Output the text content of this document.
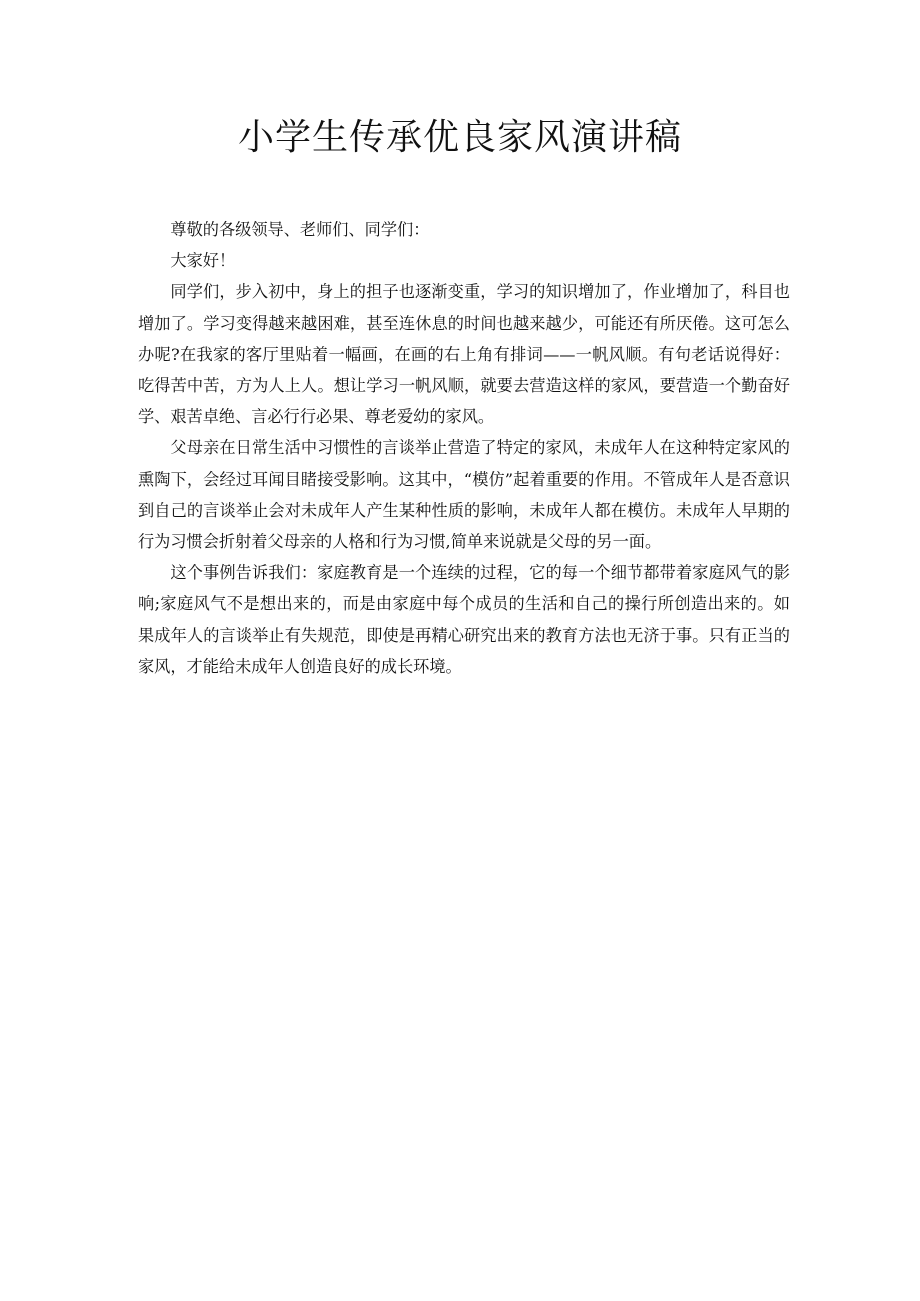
小学生传承优良家风演讲稿

尊敬的各级领导、老师们、同学们：

大家好！

同学们，步入初中，身上的担子也逐渐变重，学习的知识增加了，作业增加了，科目也增加了。学习变得越来越困难，甚至连休息的时间也越来越少，可能还有所厌倦。这可怎么办呢?在我家的客厅里贴着一幅画，在画的右上角有排词——一帆风顺。有句老话说得好：吃得苦中苦，方为人上人。想让学习一帆风顺，就要去营造这样的家风，要营造一个勤奋好学、艰苦卓绝、言必行行必果、尊老爱幼的家风。

父母亲在日常生活中习惯性的言谈举止营造了特定的家风，未成年人在这种特定家风的熏陶下，会经过耳闻目睹接受影响。这其中，“模仿”起着重要的作用。不管成年人是否意识到自己的言谈举止会对未成年人产生某种性质的影响，未成年人都在模仿。未成年人早期的行为习惯会折射着父母亲的人格和行为习惯,简单来说就是父母的另一面。

这个事例告诉我们：家庭教育是一个连续的过程，它的每一个细节都带着家庭风气的影响;家庭风气不是想出来的，而是由家庭中每个成员的生活和自己的操行所创造出来的。如果成年人的言谈举止有失规范，即使是再精心研究出来的教育方法也无济于事。只有正当的家风，才能给未成年人创造良好的成长环境。
